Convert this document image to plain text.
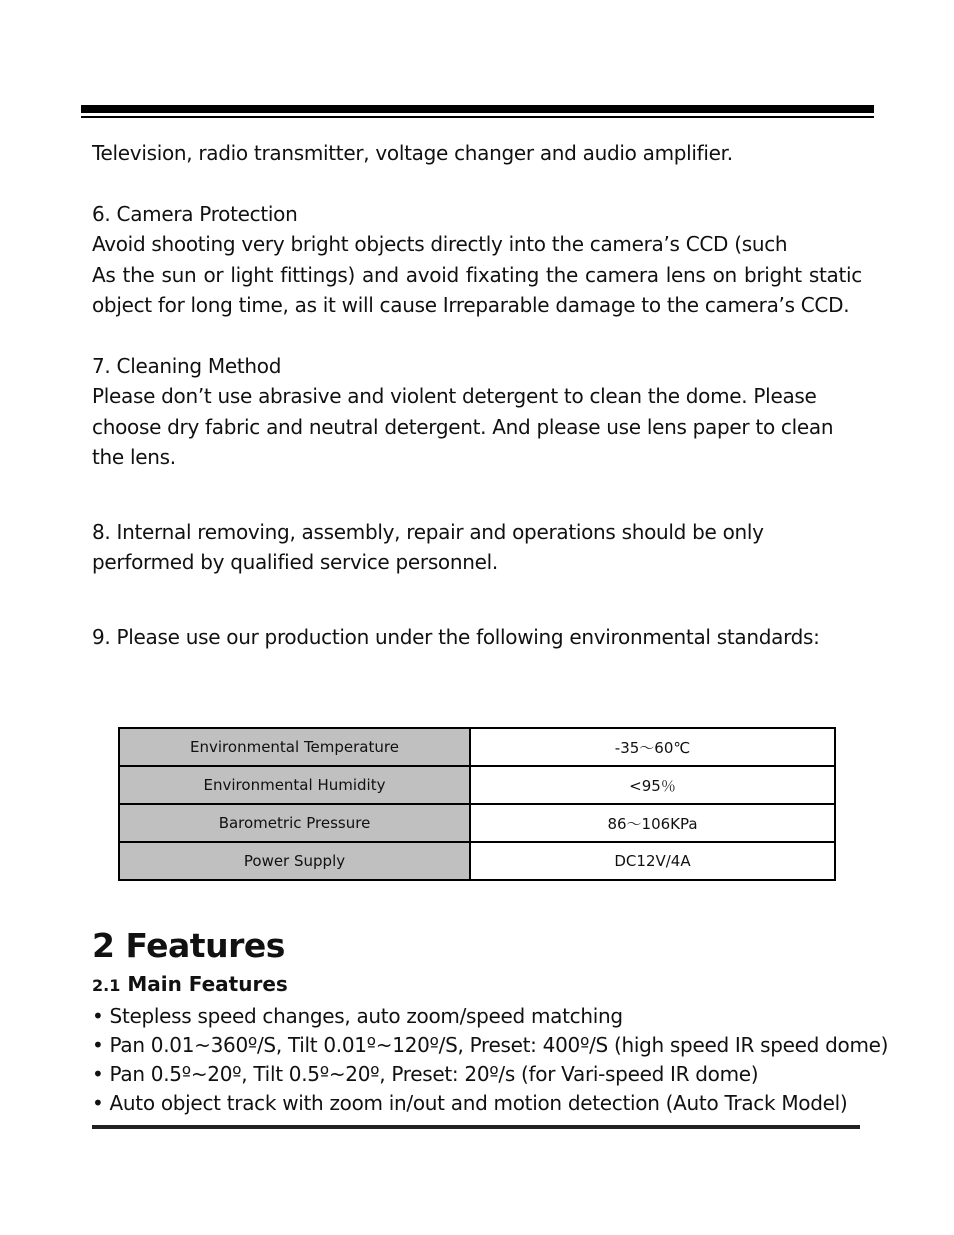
Television, radio transmitter, voltage changer and audio amplifier.

6. Camera Protection

Avoid shooting very bright objects directly into the camera’s CCD (such

As the sun or light fittings) and avoid fixating the camera lens on bright static object for long time, as it will cause Irreparable damage to the camera’s CCD.

7. Cleaning Method

Please don’t use abrasive and violent detergent to clean the dome. Please choose dry fabric and neutral detergent. And please use lens paper to clean the lens.

8. Internal removing, assembly, repair and operations should be only performed by qualified service personnel.

9. Please use our production under the following environmental standards:

Environmental Temperature	-35～60℃
Environmental Humidity	<95％
Barometric Pressure	86～106KPa
Power Supply	DC12V/4A
2 Features
2.1 Main Features

• Stepless speed changes, auto zoom/speed matching

• Pan 0.01~360º/S, Tilt 0.01º~120º/S, Preset: 400º/S (high speed IR speed dome)

• Pan 0.5º~20º, Tilt 0.5º~20º, Preset: 20º/s (for Vari-speed IR dome)

• Auto object track with zoom in/out and motion detection (Auto Track Model)
